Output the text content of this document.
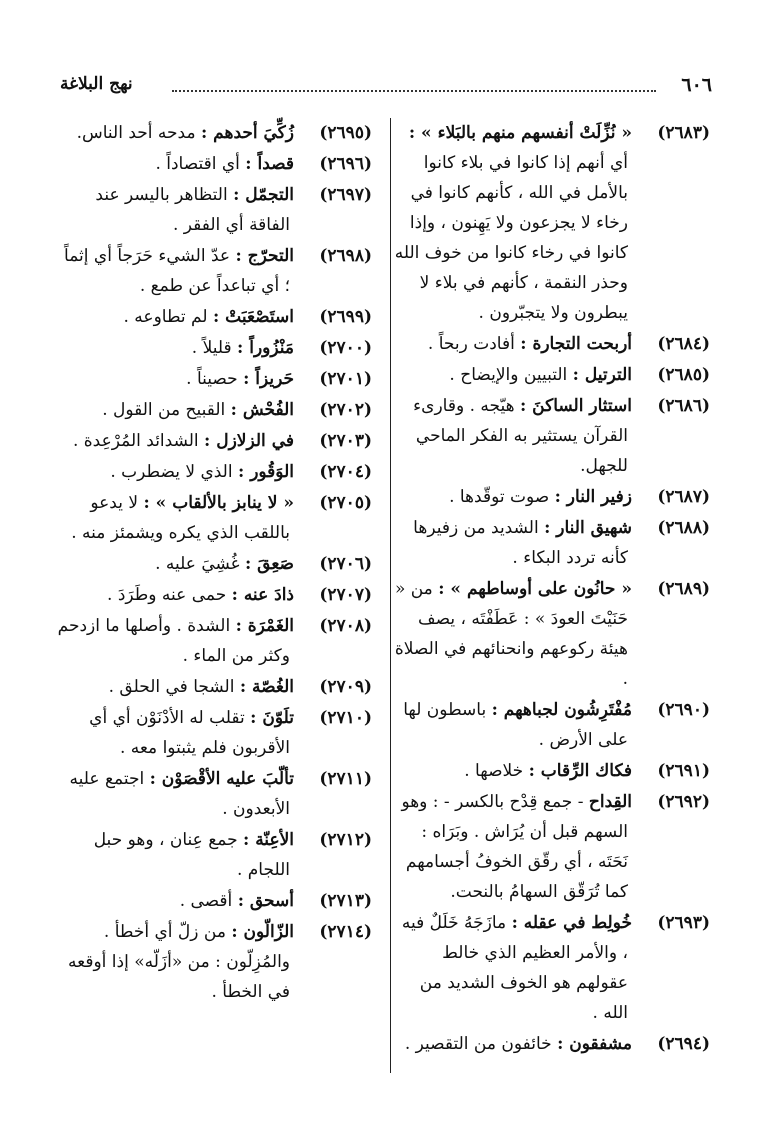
٦٠٦
نهج البلاغة
(٢٦٨٣)« نُزِّلَتْ أنفسهم منهم بالبَلاء » : أي أنهم إذا كانوا في بلاء كانوا بالأمل في الله ، كأنهم كانوا في رخاء لا يجزعون ولا يَهِنون ، وإذا كانوا في رخاء كانوا من خوف الله وحذر النقمة ، كأنهم في بلاء لا يبطرون ولا يتجبّرون .
(٢٦٨٤)أربحت التجارة : أفادت ربحاً .
(٢٦٨٥)الترتيل : التبيين والإيضاح .
(٢٦٨٦)استثار الساكنَ : هيّجه . وقارىء القرآن يستثير به الفكر الماحي للجهل.
(٢٦٨٧)زفير النار : صوت توقّدها .
(٢٦٨٨)شهيق النار : الشديد من زفيرها كأنه تردد البكاء .
(٢٦٨٩)« حانُون على أوساطهم » : من « حَنَيْتَ العودَ » : عَطَفْتَه ، يصف هيئة ركوعهم وانحنائهم في الصلاة .
(٢٦٩٠)مُفْتَرِشُون لجباههم : باسطون لها على الأرض .
(٢٦٩١)فكاك الرِّقاب : خلاصها .
(٢٦٩٢)القِداح - جمع قِدْح بالكسر - : وهو السهم قبل أن يُرَاش . وبَرَاه : نَحَتَه ، أي رقّق الخوفُ أجسامهم كما تُرَقّق السهامُ بالنحت.
(٢٦٩٣)خُولِط في عقله : مازَجَهُ خَلَلٌ فيه ، والأمر العظيم الذي خالط عقولهم هو الخوف الشديد من الله .
(٢٦٩٤)مشفقون : خائفون من التقصير .
(٢٦٩٥)زُكِّيَ أحدهم : مدحه أحد الناس.
(٢٦٩٦)قصداً : أي اقتصاداً .
(٢٦٩٧)التجمّل : التظاهر باليسر عند الفاقة أي الفقر .
(٢٦٩٨)التحرّج : عدّ الشيء حَرَجاً أي إثماً ؛ أي تباعداً عن طمع .
(٢٦٩٩)استَصْعَبَتْ : لم تطاوعه .
(٢٧٠٠)مَنْزُوراً : قليلاً .
(٢٧٠١)حَريزاً : حصيناً .
(٢٧٠٢)الفُحْش : القبيح من القول .
(٢٧٠٣)في الزلازل : الشدائد المُرْعِدة .
(٢٧٠٤)الوَقُور : الذي لا يضطرب .
(٢٧٠٥)« لا ينابز بالألقاب » : لا يدعو باللقب الذي يكره ويشمئز منه .
(٢٧٠٦)صَعِقَ : غُشِيَ عليه .
(٢٧٠٧)ذادَ عنه : حمى عنه وطَرَدَ .
(٢٧٠٨)الغَمْرَة : الشدة . وأصلها ما ازدحم وكثر من الماء .
(٢٧٠٩)الغُصّة : الشجا في الحلق .
(٢٧١٠)تلَوّنَ : تقلب له الأدْنَوْن أي أي الأقربون فلم يثبتوا معه .
(٢٧١١)تألّبَ عليه الأقْصَوْن : اجتمع عليه الأبعدون .
(٢٧١٢)الأعِنّة : جمع عِنان ، وهو حبل اللجام .
(٢٧١٣)أسحق : أقصى .
(٢٧١٤)الزّالّون : من زلّ أي أخطأ . والمُزِلّون : من «أزَلّه» إذا أوقعه في الخطأ .
